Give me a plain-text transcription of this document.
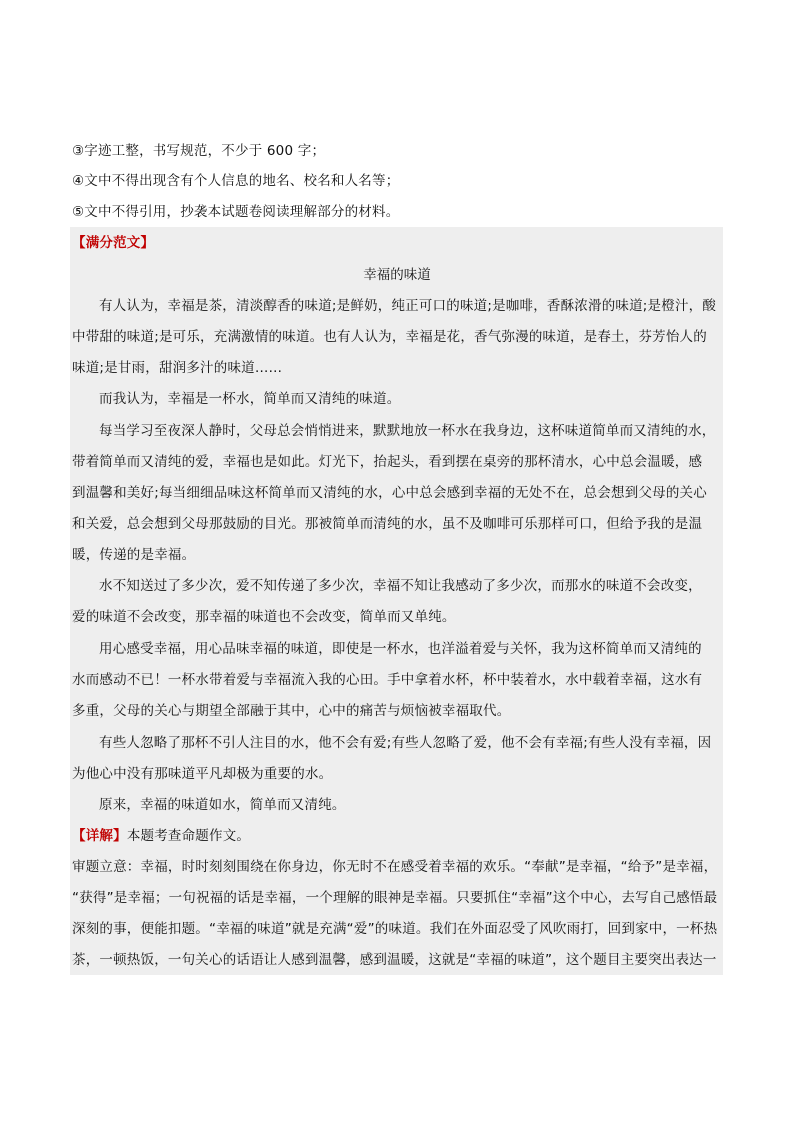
③字迹工整，书写规范，不少于 600 字；
④文中不得出现含有个人信息的地名、校名和人名等；
⑤文中不得引用，抄袭本试题卷阅读理解部分的材料。
【满分范文】
幸福的味道
有人认为，幸福是茶，清淡醇香的味道;是鲜奶，纯正可口的味道;是咖啡，香酥浓滑的味道;是橙汁，酸
中带甜的味道;是可乐，充满激情的味道。也有人认为，幸福是花，香气弥漫的味道，是春土，芬芳怡人的
味道;是甘雨，甜润多汁的味道……
而我认为，幸福是一杯水，简单而又清纯的味道。
每当学习至夜深人静时，父母总会悄悄进来，默默地放一杯水在我身边，这杯味道简单而又清纯的水，
带着简单而又清纯的爱，幸福也是如此。灯光下，抬起头，看到摆在桌旁的那杯清水，心中总会温暖，感
到温馨和美好;每当细细品味这杯简单而又清纯的水，心中总会感到幸福的无处不在，总会想到父母的关心
和关爱，总会想到父母那鼓励的目光。那被简单而清纯的水，虽不及咖啡可乐那样可口，但给予我的是温
暖，传递的是幸福。
水不知送过了多少次，爱不知传递了多少次，幸福不知让我感动了多少次，而那水的味道不会改变，
爱的味道不会改变，那幸福的味道也不会改变，简单而又单纯。
用心感受幸福，用心品味幸福的味道，即使是一杯水，也洋溢着爱与关怀，我为这杯简单而又清纯的
水而感动不已！一杯水带着爱与幸福流入我的心田。手中拿着水杯，杯中装着水，水中载着幸福，这水有
多重，父母的关心与期望全部融于其中，心中的痛苦与烦恼被幸福取代。
有些人忽略了那杯不引人注目的水，他不会有爱;有些人忽略了爱，他不会有幸福;有些人没有幸福，因
为他心中没有那味道平凡却极为重要的水。
原来，幸福的味道如水，简单而又清纯。
【详解】本题考查命题作文。
审题立意：幸福，时时刻刻围绕在你身边，你无时不在感受着幸福的欢乐。“奉献”是幸福，“给予”是幸福，
“获得”是幸福；一句祝福的话是幸福，一个理解的眼神是幸福。只要抓住“幸福”这个中心，去写自己感悟最
深刻的事，便能扣题。“幸福的味道”就是充满“爱”的味道。我们在外面忍受了风吹雨打，回到家中，一杯热
茶，一顿热饭，一句关心的话语让人感到温馨，感到温暖，这就是“幸福的味道”，这个题目主要突出表达一
